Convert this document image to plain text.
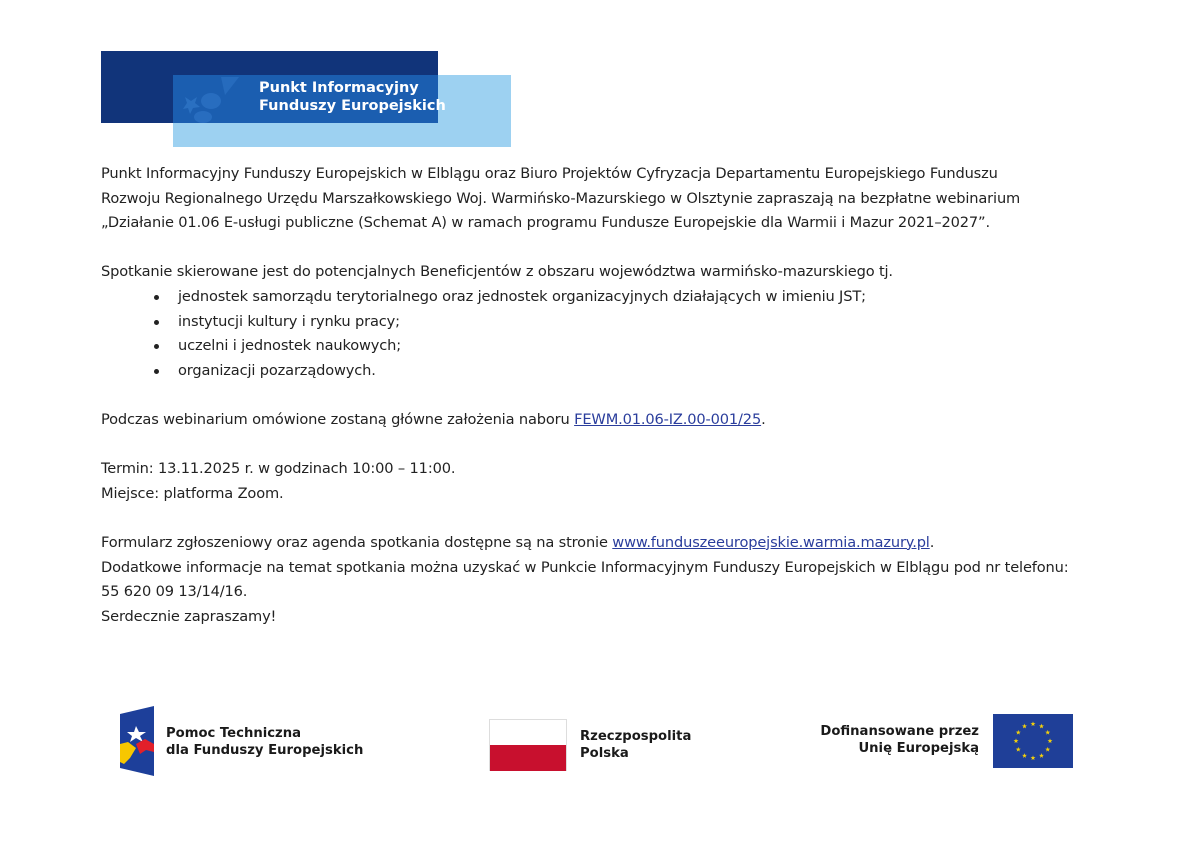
Punkt Informacyjny
Funduszy Europejskich

Punkt Informacyjny Funduszy Europejskich w Elblągu oraz Biuro Projektów Cyfryzacja Departamentu Europejskiego Funduszu

Rozwoju Regionalnego Urzędu Marszałkowskiego Woj. Warmińsko-Mazurskiego w Olsztynie zapraszają na bezpłatne webinarium

„Działanie 01.06 E-usługi publiczne (Schemat A) w ramach programu Fundusze Europejskie dla Warmii i Mazur 2021–2027”.

Spotkanie skierowane jest do potencjalnych Beneficjentów z obszaru województwa warmińsko-mazurskiego tj.

jednostek samorządu terytorialnego oraz jednostek organizacyjnych działających w imieniu JST;
instytucji kultury i rynku pracy;
uczelni i jednostek naukowych;
organizacji pozarządowych.

Podczas webinarium omówione zostaną główne założenia naboru FEWM.01.06-IZ.00-001/25.

Termin: 13.11.2025 r. w godzinach 10:00 – 11:00.

Miejsce: platforma Zoom.

Formularz zgłoszeniowy oraz agenda spotkania dostępne są na stronie www.funduszeeuropejskie.warmia.mazury.pl.

Dodatkowe informacje na temat spotkania można uzyskać w Punkcie Informacyjnym Funduszy Europejskich w Elblągu pod nr telefonu:

55 620 09 13/14/16.

Serdecznie zapraszamy!

Pomoc Techniczna
dla Funduszy Europejskich
Rzeczpospolita
Polska
Dofinansowane przez
Unię Europejską
